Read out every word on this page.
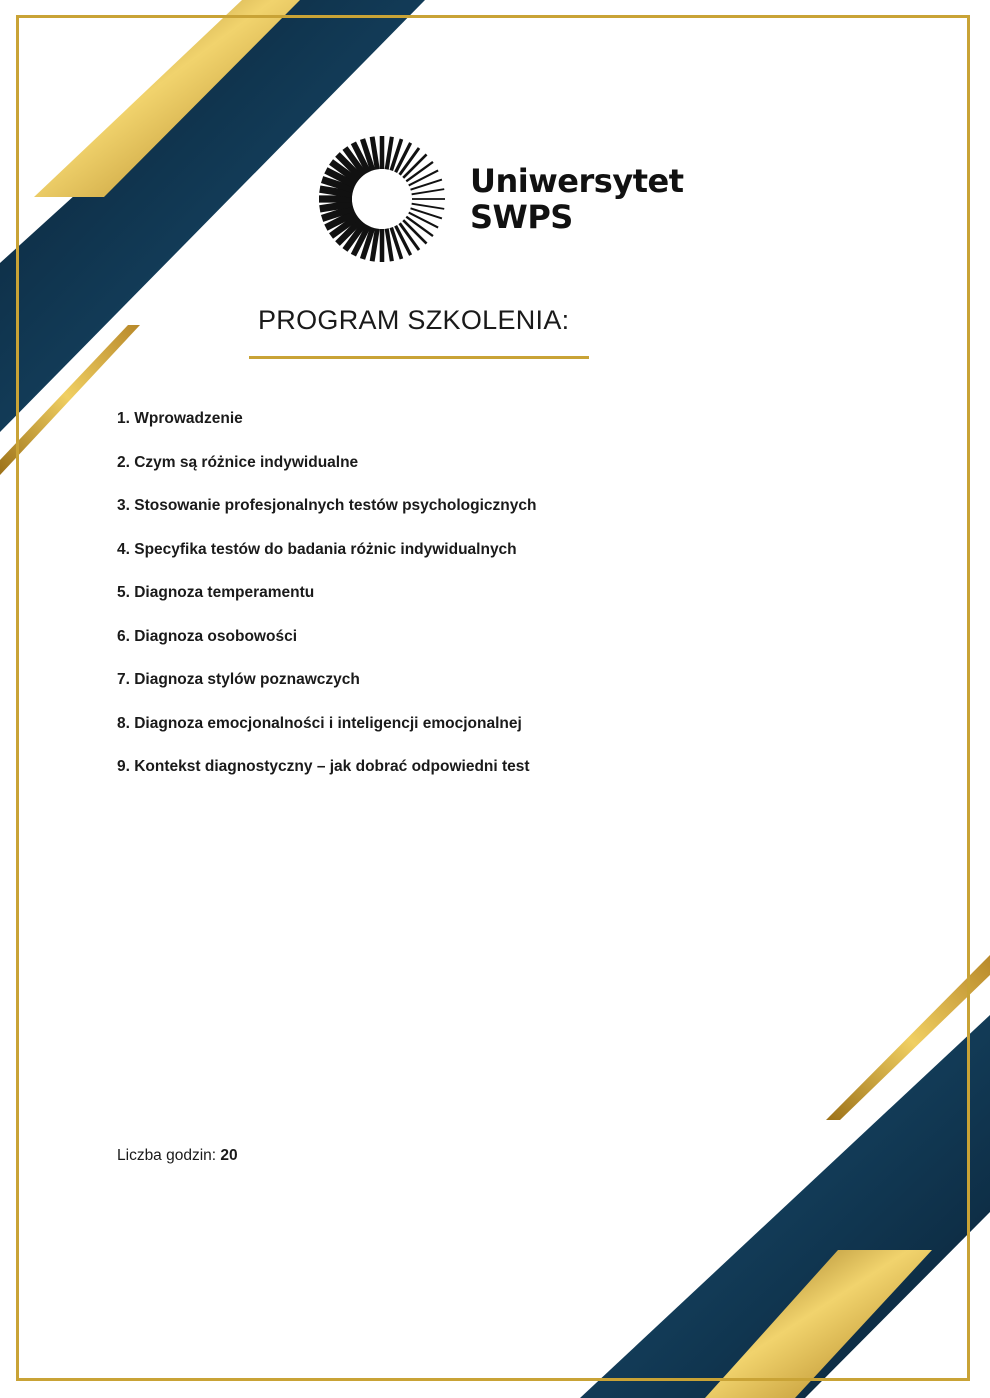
Uniwersytet
SWPS
PROGRAM SZKOLENIA:
1. Wprowadzenie
2. Czym są różnice indywidualne
3. Stosowanie profesjonalnych testów psychologicznych
4. Specyfika testów do badania różnic indywidualnych
5. Diagnoza temperamentu
6. Diagnoza osobowości
7. Diagnoza stylów poznawczych
8. Diagnoza emocjonalności i inteligencji emocjonalnej
9. Kontekst diagnostyczny – jak dobrać odpowiedni test
Liczba godzin: 20
